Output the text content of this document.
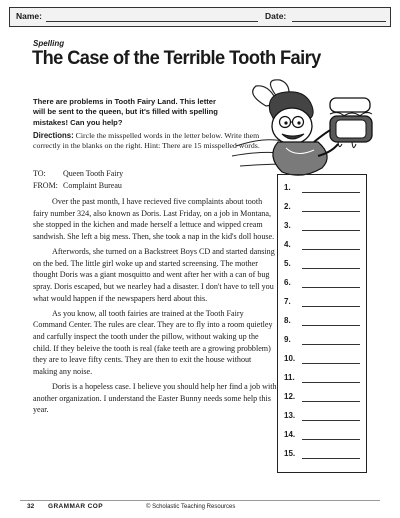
Name:	Date:
Spelling
The Case of the Terrible Tooth Fairy
There are problems in Tooth Fairy Land. This letter will be sent to the queen, but it's filled with spelling mistakes! Can you help?
Directions: Circle the misspelled words in the letter below. Write them correctly in the blanks on the right. Hint: There are 15 misspelled words.
TO: Queen Tooth Fairy
FROM: Complaint Bureau

Over the past month, I have recieved five complaints about tooth fairy number 324, also known as Doris. Last Friday, on a job in Montana, she stopped in the kichen and made herself a lettuce and wipped cream sandwish. She left a big mess. Then, she took a nap in the kid's doll house.

Afterwords, she turned on a Backstreet Boys CD and started dansing on the bed. The little girl woke up and started screensing. The mother thought Doris was a giant mosquitto and went after her with a can of bug spray. Doris escaped, but we nearley had a disaster. I don't have to tell you what would happen if the newspapers herd about this.

As you know, all tooth fairies are trained at the Tooth Fairy Command Center. The rules are clear. They are to fly into a room quietley and carfully inspect the tooth under the pillow, without waking up the child. If they beleive the tooth is real (fake teeth are a growing probblem) they are to leave fifty cents. They are then to exit the house without making any noise.

Doris is a hopeless case. I believe you should help her find a job with another organization. I understand the Easter Bunny needs some help this year.

1.
2.
3.
4.
5.
6.
7.
8.
9.
10.
11.
12.
13.
14.
15.
32 GRAMMAR COP	© Scholastic Teaching Resources
